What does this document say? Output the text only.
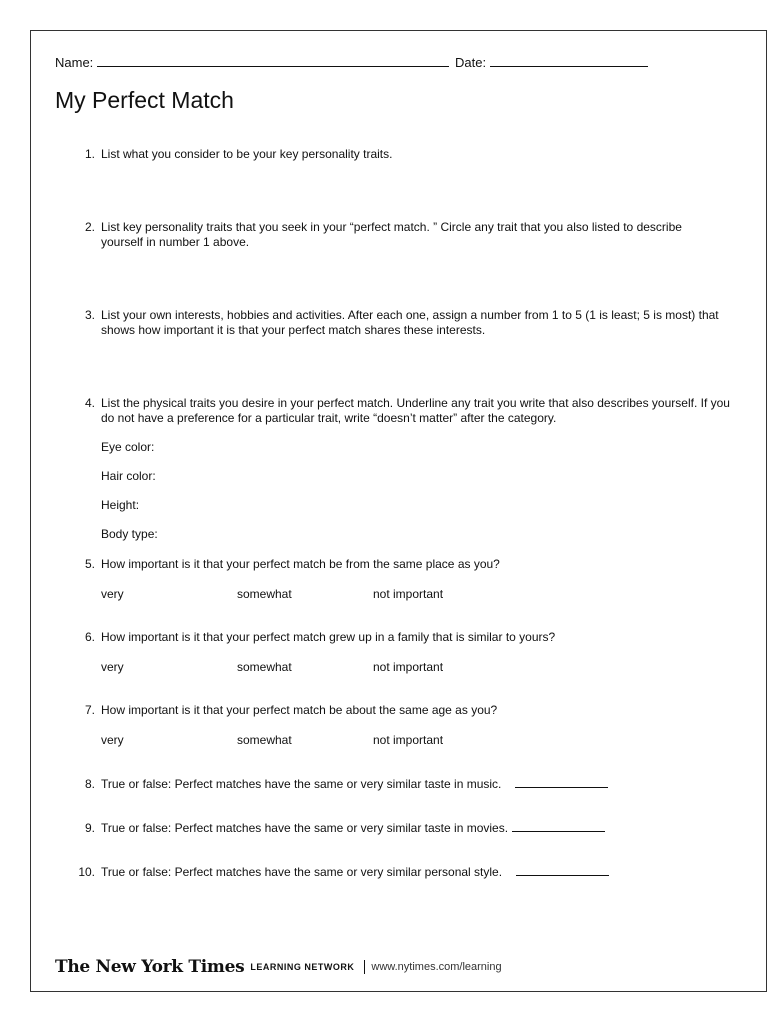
Name:	Date:
My Perfect Match
1. List what you consider to be your key personality traits.
2. List key personality traits that you seek in your “perfect match. ” Circle any trait that you also listed to describe yourself in number 1 above.
3. List your own interests, hobbies and activities. After each one, assign a number from 1 to 5 (1 is least; 5 is most) that shows how important it is that your perfect match shares these interests.
4. List the physical traits you desire in your perfect match. Underline any trait you write that also describes yourself. If you do not have a preference for a particular trait, write “doesn’t matter” after the category.
Eye color:
Hair color:
Height:
Body type:
5. How important is it that your perfect match be from the same place as you?
very	somewhat	not important
6. How important is it that your perfect match grew up in a family that is similar to yours?
very	somewhat	not important
7. How important is it that your perfect match be about the same age as you?
very	somewhat	not important
8. True or false: Perfect matches have the same or very similar taste in music.
9. True or false: Perfect matches have the same or very similar taste in movies.
10. True or false: Perfect matches have the same or very similar personal style.
The New York Times LEARNING NETWORK www.nytimes.com/learning
